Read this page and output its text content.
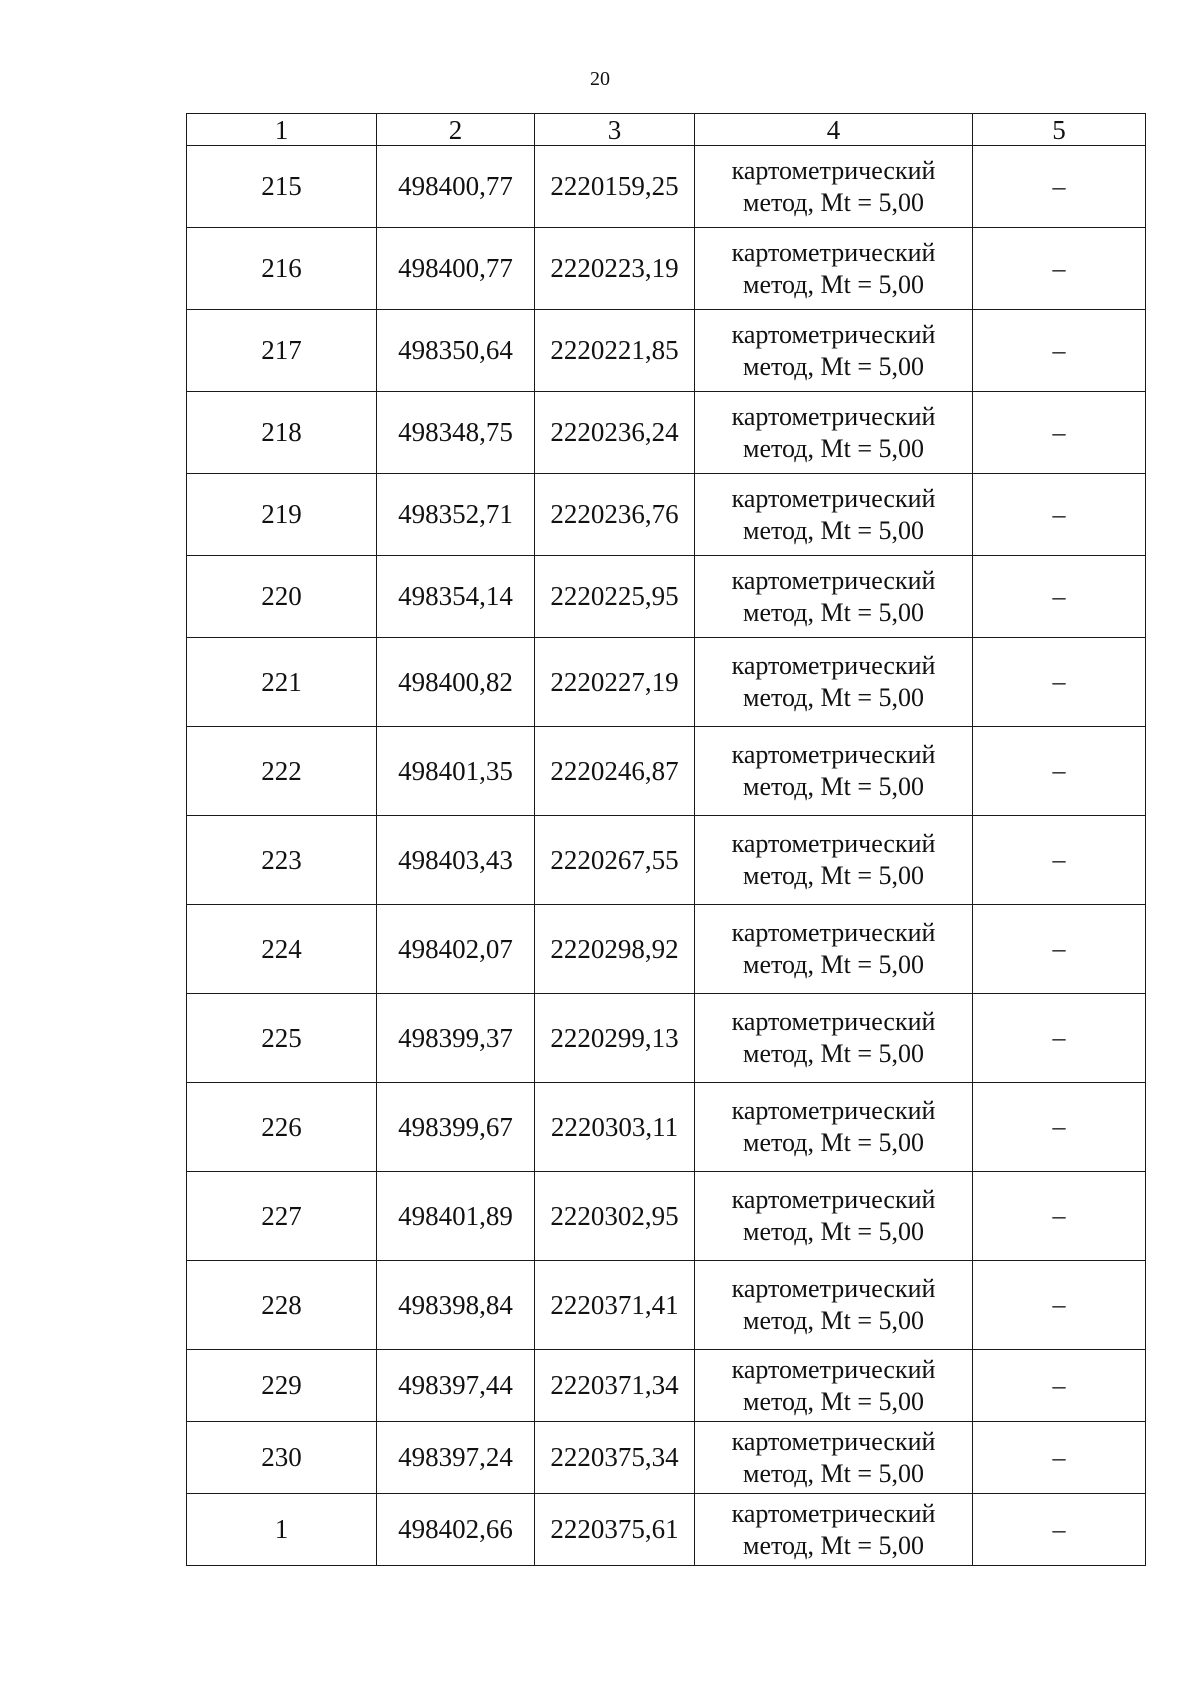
20
1	2	3	4	5
215	498400,77	2220159,25	картометрический
метод, Mt = 5,00	–
216	498400,77	2220223,19	картометрический
метод, Mt = 5,00	–
217	498350,64	2220221,85	картометрический
метод, Mt = 5,00	–
218	498348,75	2220236,24	картометрический
метод, Mt = 5,00	–
219	498352,71	2220236,76	картометрический
метод, Mt = 5,00	–
220	498354,14	2220225,95	картометрический
метод, Mt = 5,00	–
221	498400,82	2220227,19	картометрический
метод, Mt = 5,00	–
222	498401,35	2220246,87	картометрический
метод, Mt = 5,00	–
223	498403,43	2220267,55	картометрический
метод, Mt = 5,00	–
224	498402,07	2220298,92	картометрический
метод, Mt = 5,00	–
225	498399,37	2220299,13	картометрический
метод, Mt = 5,00	–
226	498399,67	2220303,11	картометрический
метод, Mt = 5,00	–
227	498401,89	2220302,95	картометрический
метод, Mt = 5,00	–
228	498398,84	2220371,41	картометрический
метод, Mt = 5,00	–
229	498397,44	2220371,34	картометрический
метод, Mt = 5,00	–
230	498397,24	2220375,34	картометрический
метод, Mt = 5,00	–
1	498402,66	2220375,61	картометрический
метод, Mt = 5,00	–
